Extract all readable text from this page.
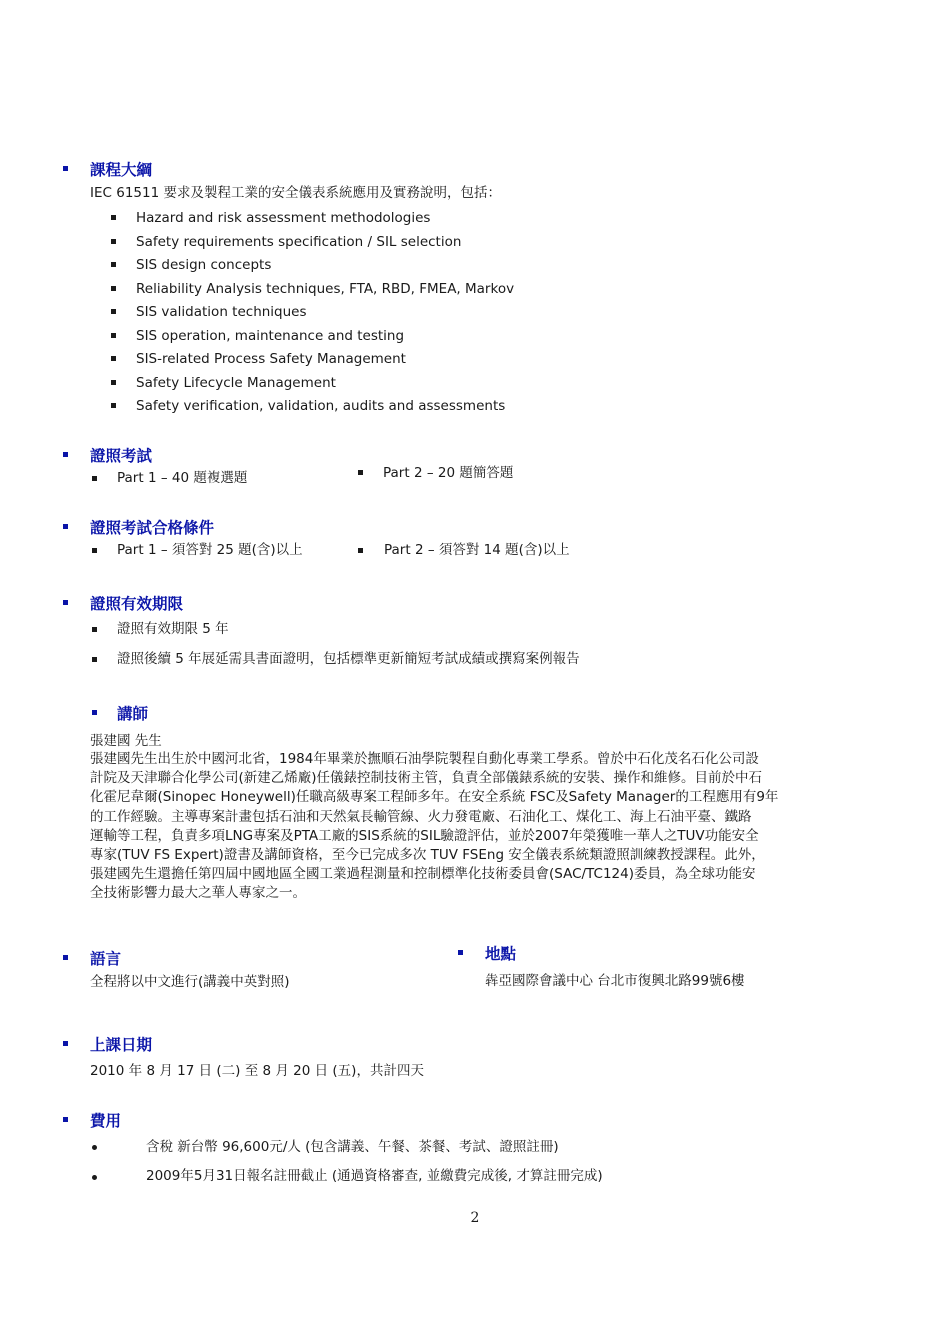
課程大綱
IEC 61511 要求及製程工業的安全儀表系統應用及實務說明，包括：
Hazard and risk assessment methodologies
Safety requirements specification / SIL selection
SIS design concepts
Reliability Analysis techniques, FTA, RBD, FMEA, Markov
SIS validation techniques
SIS operation, maintenance and testing
SIS-related Process Safety Management
Safety Lifecycle Management
Safety verification, validation, audits and assessments
證照考試
Part 1 – 40 題複選題	Part 2 – 20 題簡答題
證照考試合格條件
Part 1 – 須答對 25 題(含)以上	Part 2 – 須答對 14 題(含)以上
證照有效期限
證照有效期限 5 年
證照後續 5 年展延需具書面證明，包括標準更新簡短考試成績或撰寫案例報告
講師
張建國 先生
張建國先生出生於中國河北省，1984年畢業於撫順石油學院製程自動化專業工學系。曾於中石化茂名石化公司設
計院及天津聯合化學公司(新建乙烯廠)任儀錶控制技術主管，負責全部儀錶系統的安裝、操作和維修。目前於中石
化霍尼韋爾(Sinopec Honeywell)任職高級專案工程師多年。在安全系統 FSC及Safety Manager的工程應用有9年
的工作經驗。主導專案計畫包括石油和天然氣長輸管線、火力發電廠、石油化工、煤化工、海上石油平臺、鐵路
運輸等工程，負責多項LNG專案及PTA工廠的SIS系統的SIL驗證評估，並於2007年榮獲唯一華人之TUV功能安全
專家(TUV FS Expert)證書及講師資格，至今已完成多次 TUV FSEng 安全儀表系統類證照訓練教授課程。此外，
張建國先生還擔任第四屆中國地區全國工業過程測量和控制標準化技術委員會(SAC/TC124)委員，為全球功能安
全技術影響力最大之華人專家之一。
語言
全程將以中文進行(講義中英對照)
地點
犇亞國際會議中心 台北市復興北路99號6樓
上課日期
2010 年 8 月 17 日 (二) 至 8 月 20 日 (五)，共計四天
費用
含稅 新台幣 96,600元/人 (包含講義、午餐、茶餐、考試、證照註冊)
2009年5月31日報名註冊截止 (通過資格審查, 並繳費完成後, 才算註冊完成)
2
